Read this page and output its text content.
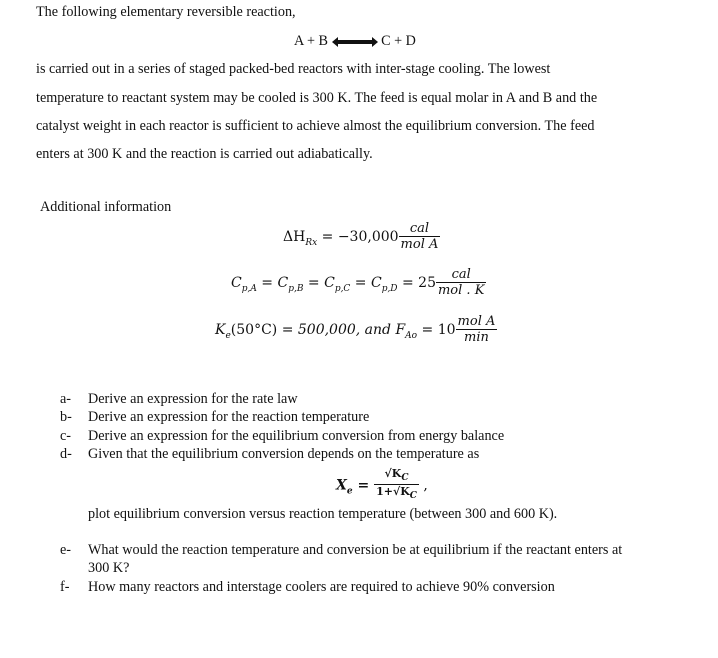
The following elementary reversible reaction,
A + B	C + D
is carried out in a series of staged packed-bed reactors with inter-stage cooling. The lowest
temperature to reactant system may be cooled is 300 K. The feed is equal molar in A and B and the
catalyst weight in each reactor is sufficient to achieve almost the equilibrium conversion. The feed
enters at 300 K and the reaction is carried out adiabatically.
Additional information
$\Delta H_{Rx} = -30,000 \frac{\text{cal}}{\text{mol A}}$
$C_{p,A} = C_{p,B} = C_{p,C} = C_{p,D} = 25 \frac{\text{cal}}{\text{mol . K}}$
$K_e(50^\circ C) = 500,000$, and $F_{Ao} = 10 \frac{\text{mol A}}{\min}$
a- Derive an expression for the rate law
b- Derive an expression for the reaction temperature
c- Derive an expression for the equilibrium conversion from energy balance
d- Given that the equilibrium conversion depends on the temperature as
$X_e = \frac{√K_C}{1+√K_C}$ ,
plot equilibrium conversion versus reaction temperature (between 300 and 600 K).
e- What would the reaction temperature and conversion be at equilibrium if the reactant enters at
300 K?
f- How many reactors and interstage coolers are required to achieve 90% conversion
